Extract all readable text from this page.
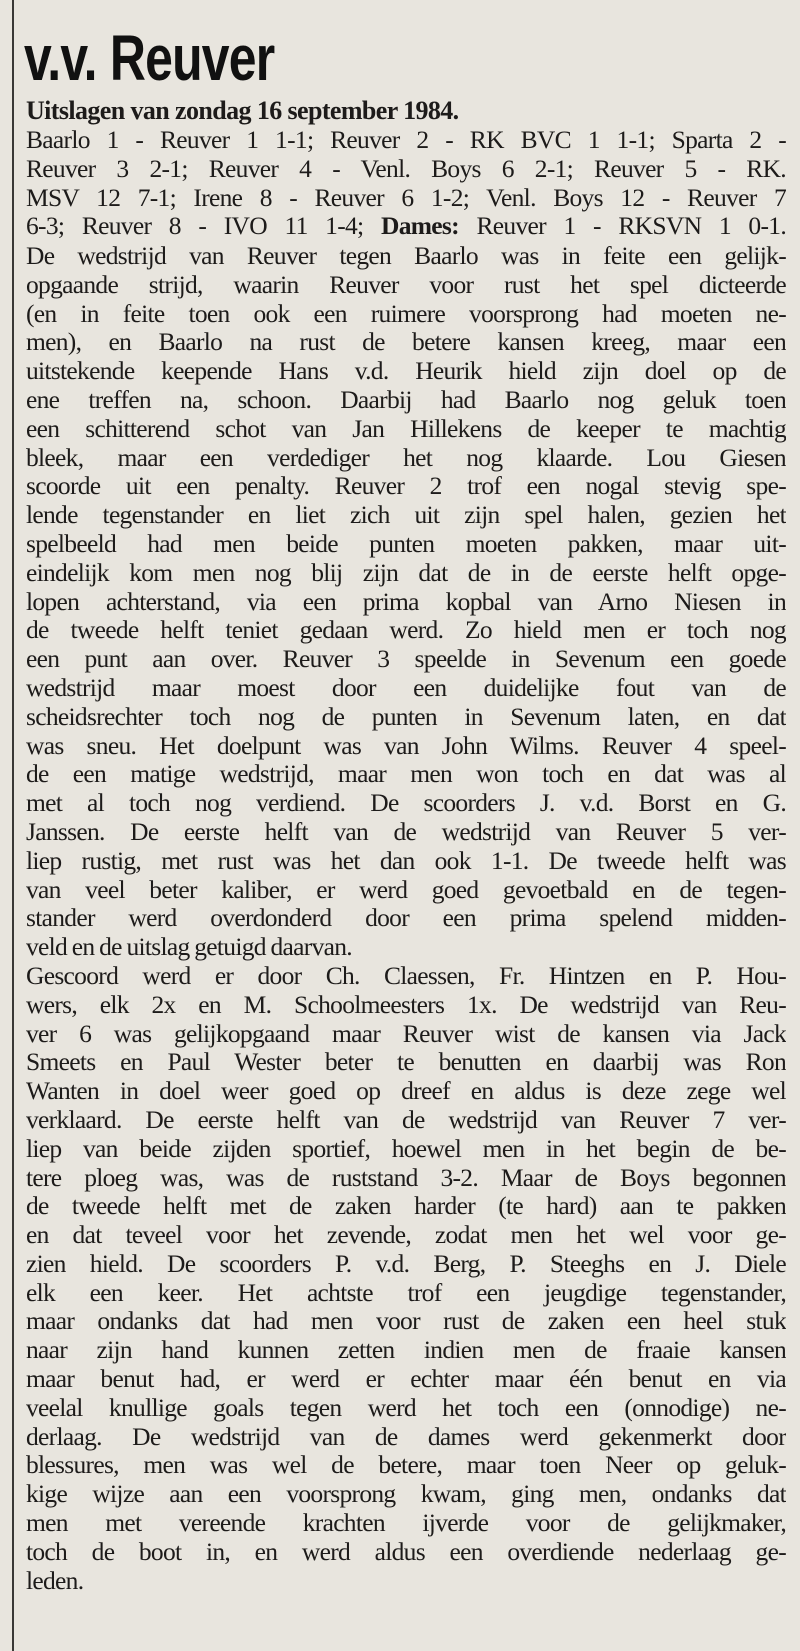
v.v. Reuver
Uitslagen van zondag 16 september 1984.
Baarlo 1 - Reuver 1 1-1; Reuver 2 - RK BVC 1 1-1; Sparta 2 -
Reuver 3 2-1; Reuver 4 - Venl. Boys 6 2-1; Reuver 5 - RK.
MSV 12 7-1; Irene 8 - Reuver 6 1-2; Venl. Boys 12 - Reuver 7
6-3; Reuver 8 - IVO 11 1-4; Dames: Reuver 1 - RKSVN 1 0-1.
De wedstrijd van Reuver tegen Baarlo was in feite een gelijk-
opgaande strijd, waarin Reuver voor rust het spel dicteerde
(en in feite toen ook een ruimere voorsprong had moeten ne-
men), en Baarlo na rust de betere kansen kreeg, maar een
uitstekende keepende Hans v.d. Heurik hield zijn doel op de
ene treffen na, schoon. Daarbij had Baarlo nog geluk toen
een schitterend schot van Jan Hillekens de keeper te machtig
bleek, maar een verdediger het nog klaarde. Lou Giesen
scoorde uit een penalty. Reuver 2 trof een nogal stevig spe-
lende tegenstander en liet zich uit zijn spel halen, gezien het
spelbeeld had men beide punten moeten pakken, maar uit-
eindelijk kom men nog blij zijn dat de in de eerste helft opge-
lopen achterstand, via een prima kopbal van Arno Niesen in
de tweede helft teniet gedaan werd. Zo hield men er toch nog
een punt aan over. Reuver 3 speelde in Sevenum een goede
wedstrijd maar moest door een duidelijke fout van de
scheidsrechter toch nog de punten in Sevenum laten, en dat
was sneu. Het doelpunt was van John Wilms. Reuver 4 speel-
de een matige wedstrijd, maar men won toch en dat was al
met al toch nog verdiend. De scoorders J. v.d. Borst en G.
Janssen. De eerste helft van de wedstrijd van Reuver 5 ver-
liep rustig, met rust was het dan ook 1-1. De tweede helft was
van veel beter kaliber, er werd goed gevoetbald en de tegen-
stander werd overdonderd door een prima spelend midden-
veld en de uitslag getuigd daarvan.
Gescoord werd er door Ch. Claessen, Fr. Hintzen en P. Hou-
wers, elk 2x en M. Schoolmeesters 1x. De wedstrijd van Reu-
ver 6 was gelijkopgaand maar Reuver wist de kansen via Jack
Smeets en Paul Wester beter te benutten en daarbij was Ron
Wanten in doel weer goed op dreef en aldus is deze zege wel
verklaard. De eerste helft van de wedstrijd van Reuver 7 ver-
liep van beide zijden sportief, hoewel men in het begin de be-
tere ploeg was, was de ruststand 3-2. Maar de Boys begonnen
de tweede helft met de zaken harder (te hard) aan te pakken
en dat teveel voor het zevende, zodat men het wel voor ge-
zien hield. De scoorders P. v.d. Berg, P. Steeghs en J. Diele
elk een keer. Het achtste trof een jeugdige tegenstander,
maar ondanks dat had men voor rust de zaken een heel stuk
naar zijn hand kunnen zetten indien men de fraaie kansen
maar benut had, er werd er echter maar één benut en via
veelal knullige goals tegen werd het toch een (onnodige) ne-
derlaag. De wedstrijd van de dames werd gekenmerkt door
blessures, men was wel de betere, maar toen Neer op geluk-
kige wijze aan een voorsprong kwam, ging men, ondanks dat
men met vereende krachten ijverde voor de gelijkmaker,
toch de boot in, en werd aldus een overdiende nederlaag ge-
leden.
